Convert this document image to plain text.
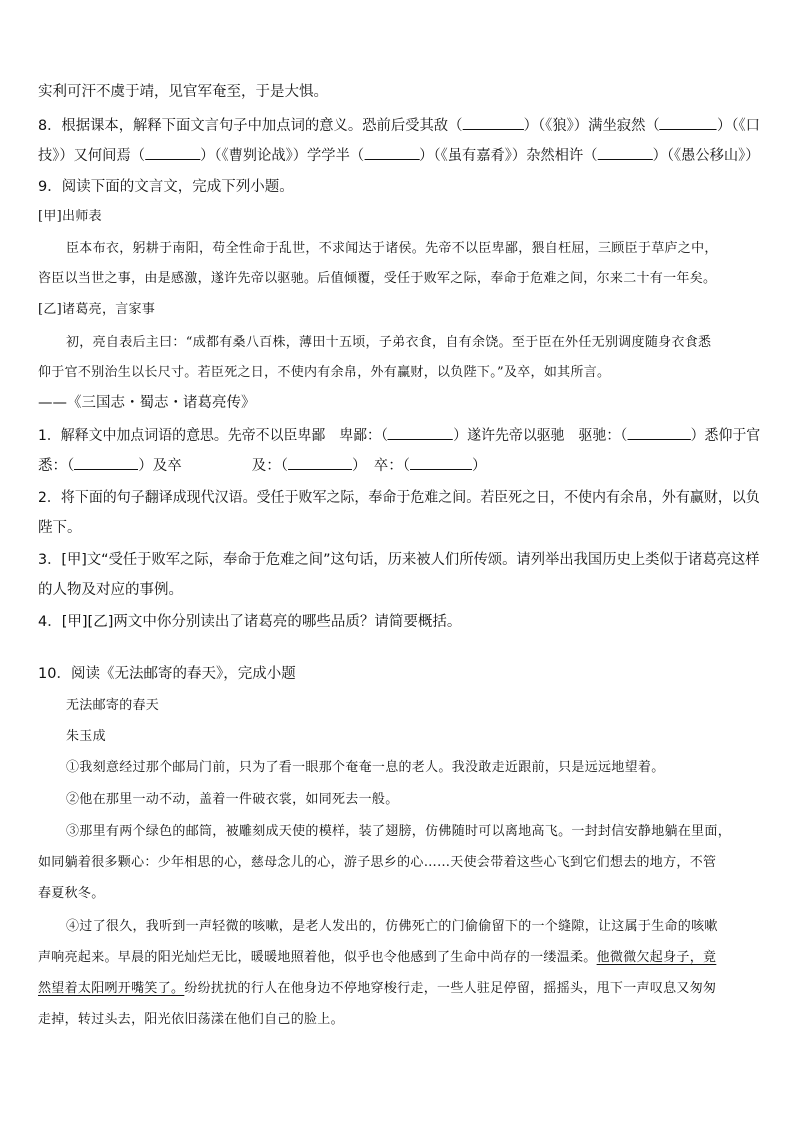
实利可汗不虞于靖，见官军奄至，于是大惧。
8．根据课本，解释下面文言句子中加点词的意义。恐前后受其敌（	）（《狼》）满坐寂然（	）（《口
技》）又何间焉（	）（《曹刿论战》）学学半（	）（《虽有嘉肴》）杂然相许（	）（《愚公移山》）
9．阅读下面的文言文，完成下列小题。
[甲]出师表
臣本布衣，躬耕于南阳，苟全性命于乱世，不求闻达于诸侯。先帝不以臣卑鄙，猥自枉屈，三顾臣于草庐之中，
咨臣以当世之事，由是感激，遂许先帝以驱驰。后值倾覆，受任于败军之际，奉命于危难之间，尔来二十有一年矣。
[乙]诸葛亮，言家事
初，亮自表后主曰：“成都有桑八百株，薄田十五顷，子弟衣食，自有余饶。至于臣在外任无别调度随身衣食悉
仰于官不别治生以长尺寸。若臣死之日，不使内有余帛，外有赢财，以负陛下。”及卒，如其所言。
——《三国志・蜀志・诸葛亮传》
1．解释文中加点词语的意思。先帝不以臣卑鄙　卑鄙：（	）遂许先帝以驱驰　驱驰：（	）悉仰于官
悉：（	）及卒	及：（	）　卒：（	）
2．将下面的句子翻译成现代汉语。受任于败军之际，奉命于危难之间。若臣死之日，不使内有余帛，外有赢财，以负
陛下。
3．[甲]文“受任于败军之际，奉命于危难之间”这句话，历来被人们所传颂。请列举出我国历史上类似于诸葛亮这样
的人物及对应的事例。
4．[甲][乙]两文中你分别读出了诸葛亮的哪些品质？请简要概括。
10．阅读《无法邮寄的春天》，完成小题
无法邮寄的春天
朱玉成
①我刻意经过那个邮局门前，只为了看一眼那个奄奄一息的老人。我没敢走近跟前，只是远远地望着。
②他在那里一动不动，盖着一件破衣裳，如同死去一般。
③那里有两个绿色的邮筒，被雕刻成天使的模样，装了翅膀，仿佛随时可以离地高飞。一封封信安静地躺在里面，
如同躺着很多颗心：少年相思的心，慈母念儿的心，游子思乡的心……天使会带着这些心飞到它们想去的地方，不管
春夏秋冬。
④过了很久，我听到一声轻微的咳嗽，是老人发出的，仿佛死亡的门偷偷留下的一个缝隙，让这属于生命的咳嗽
声响亮起来。早晨的阳光灿烂无比，暖暖地照着他，似乎也令他感到了生命中尚存的一缕温柔。他微微欠起身子，竟
然望着太阳咧开嘴笑了。纷纷扰扰的行人在他身边不停地穿梭行走，一些人驻足停留，摇摇头，甩下一声叹息又匆匆
走掉，转过头去，阳光依旧荡漾在他们自己的脸上。
